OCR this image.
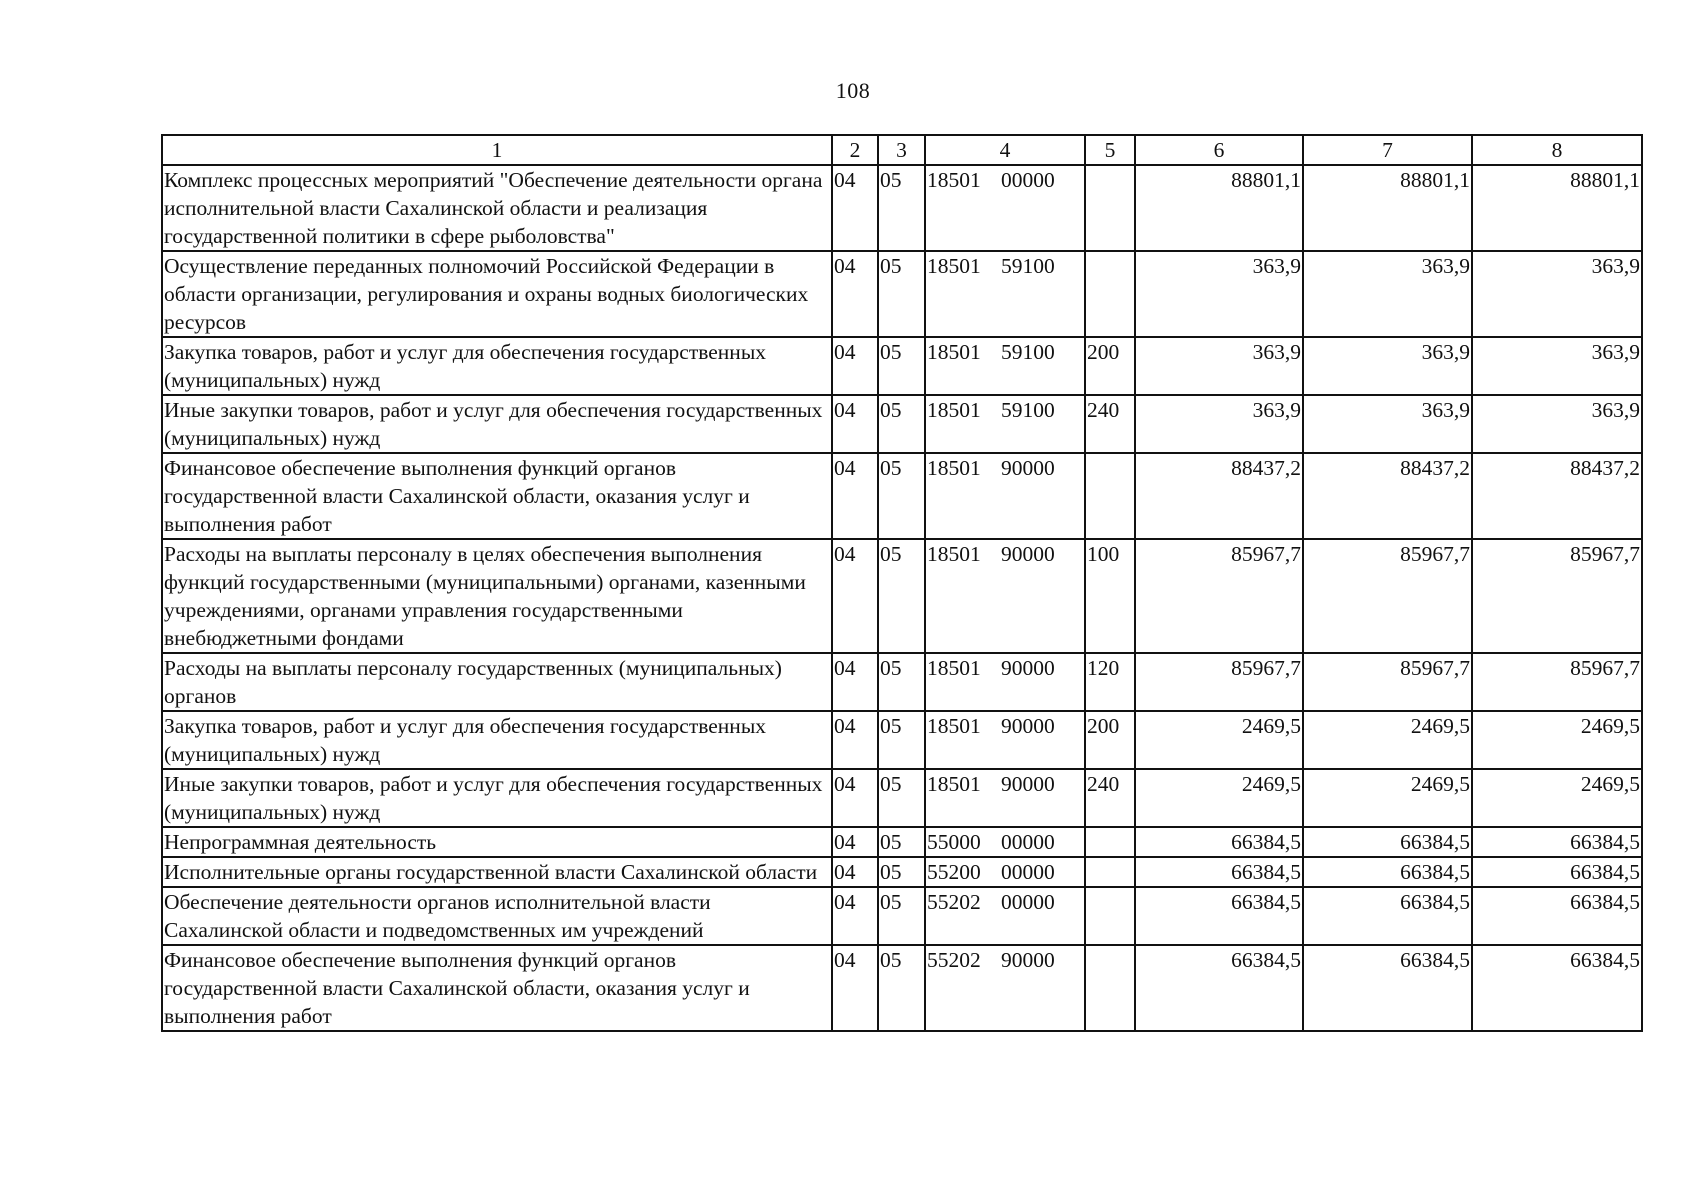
108
1	2	3	4	5	6	7	8
Комплекс процессных мероприятий "Обеспечение деятельности органа исполнительной власти Сахалинской области и реализация государственной политики в сфере рыболовства"	04	05	18501 00000		88801,1	88801,1	88801,1
Осуществление переданных полномочий Российской Федерации в области организации, регулирования и охраны водных биологических ресурсов	04	05	18501 59100		363,9	363,9	363,9
Закупка товаров, работ и услуг для обеспечения государственных (муниципальных) нужд	04	05	18501 59100	200	363,9	363,9	363,9
Иные закупки товаров, работ и услуг для обеспечения государственных (муниципальных) нужд	04	05	18501 59100	240	363,9	363,9	363,9
Финансовое обеспечение выполнения функций органов государственной власти Сахалинской области, оказания услуг и выполнения работ	04	05	18501 90000		88437,2	88437,2	88437,2
Расходы на выплаты персоналу в целях обеспечения выполнения функций государственными (муниципальными) органами, казенными учреждениями, органами управления государственными внебюджетными фондами	04	05	18501 90000	100	85967,7	85967,7	85967,7
Расходы на выплаты персоналу государственных (муниципальных) органов	04	05	18501 90000	120	85967,7	85967,7	85967,7
Закупка товаров, работ и услуг для обеспечения государственных (муниципальных) нужд	04	05	18501 90000	200	2469,5	2469,5	2469,5
Иные закупки товаров, работ и услуг для обеспечения государственных (муниципальных) нужд	04	05	18501 90000	240	2469,5	2469,5	2469,5
Непрограммная деятельность	04	05	55000 00000		66384,5	66384,5	66384,5
Исполнительные органы государственной власти Сахалинской области	04	05	55200 00000		66384,5	66384,5	66384,5
Обеспечение деятельности органов исполнительной власти Сахалинской области и подведомственных им учреждений	04	05	55202 00000		66384,5	66384,5	66384,5
Финансовое обеспечение выполнения функций органов государственной власти Сахалинской области, оказания услуг и выполнения работ	04	05	55202 90000		66384,5	66384,5	66384,5
